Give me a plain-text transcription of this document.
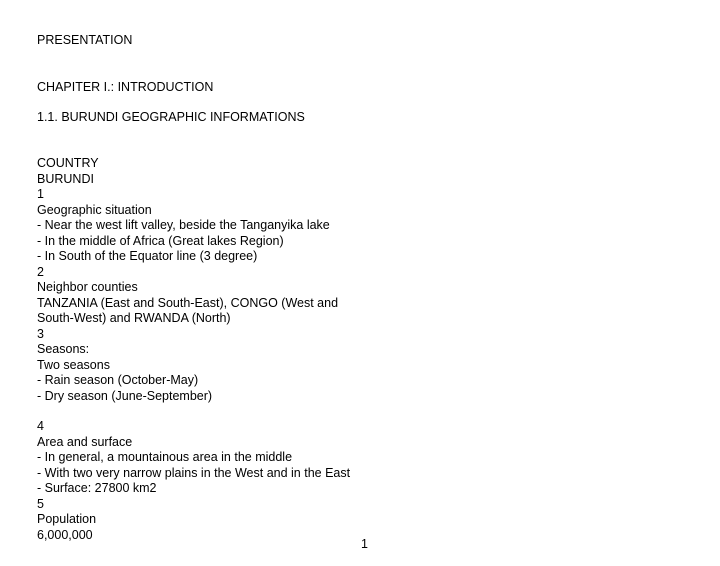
PRESENTATION
CHAPITER I.: INTRODUCTION
1.1. BURUNDI GEOGRAPHIC INFORMATIONS
COUNTRY
BURUNDI
1
Geographic situation
- Near the west lift valley, beside the Tanganyika lake
- In the middle of Africa (Great lakes Region)
- In South of the Equator line (3 degree)
2
Neighbor counties
TANZANIA (East and South-East), CONGO (West and
South-West) and RWANDA (North)
3
Seasons:
Two seasons
- Rain season (October-May)
- Dry season (June-September)
4
Area and surface
- In general, a mountainous area in the middle
- With two very narrow plains in the West and in the East
- Surface: 27800 km2
5
Population
6,000,000
1
